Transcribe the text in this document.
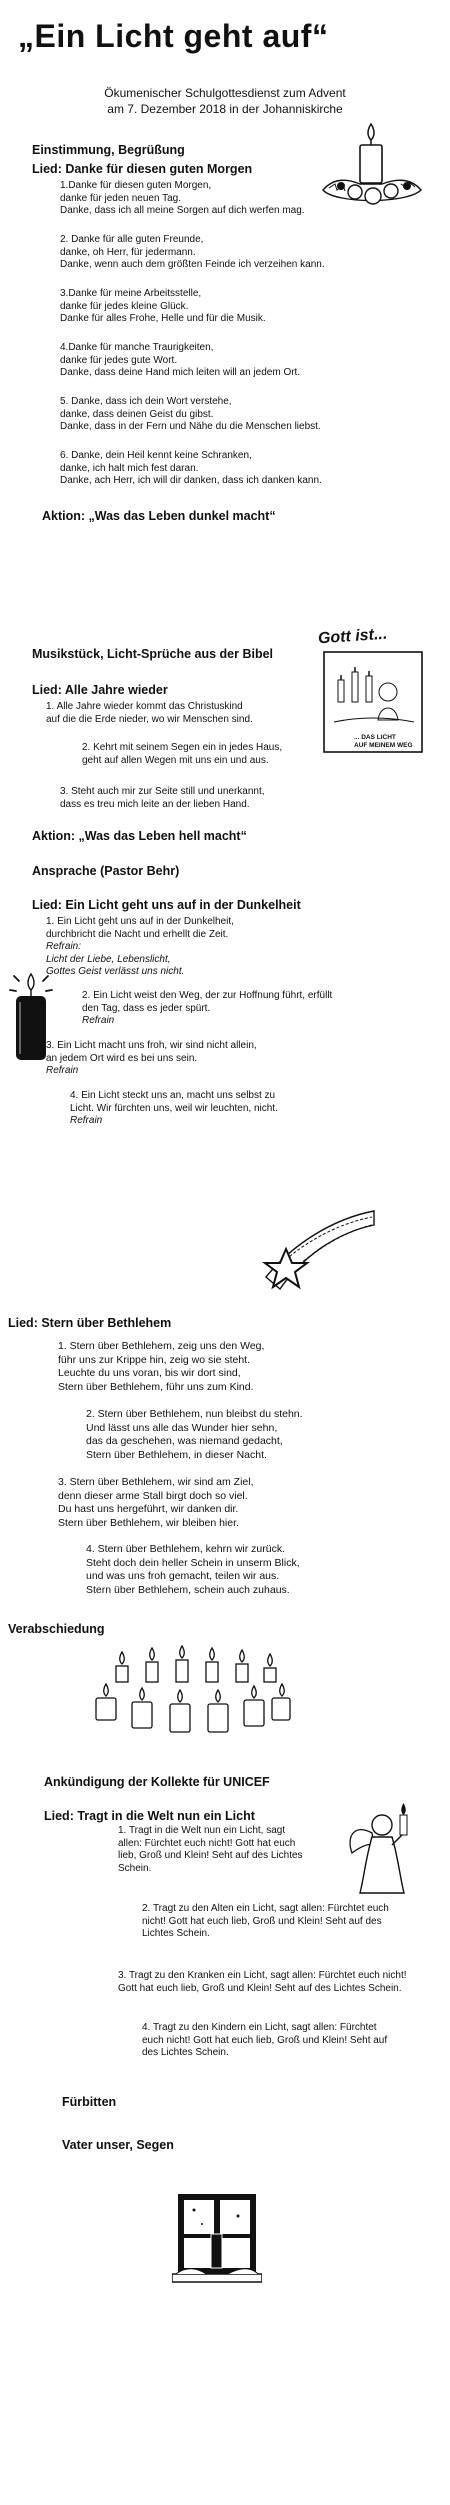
„Ein Licht geht auf“
Ökumenischer Schulgottesdienst zum Advent
am 7. Dezember 2018 in der Johanniskirche
Einstimmung, Begrüßung
Lied: Danke für diesen guten Morgen
1.Danke für diesen guten Morgen,
danke für jeden neuen Tag.
Danke, dass ich all meine Sorgen auf dich werfen mag.
2. Danke für alle guten Freunde,
danke, oh Herr, für jedermann.
Danke, wenn auch dem größten Feinde ich verzeihen kann.
3.Danke für meine Arbeitsstelle,
danke für jedes kleine Glück.
Danke für alles Frohe, Helle und für die Musik.
4.Danke für manche Traurigkeiten,
danke für jedes gute Wort.
Danke, dass deine Hand mich leiten will an jedem Ort.
5. Danke, dass ich dein Wort verstehe,
danke, dass deinen Geist du gibst.
Danke, dass in der Fern und Nähe du die Menschen liebst.
6. Danke, dein Heil kennt keine Schranken,
danke, ich halt mich fest daran.
Danke, ach Herr, ich will dir danken, dass ich danken kann.
Aktion: „Was das Leben dunkel macht“
Musikstück, Licht-Sprüche aus der Bibel
Gott ist...
... DAS LICHT
AUF MEINEM WEG
Lied: Alle Jahre wieder
1. Alle Jahre wieder kommt das Christuskind
auf die die Erde nieder, wo wir Menschen sind.
2. Kehrt mit seinem Segen ein in jedes Haus,
geht auf allen Wegen mit uns ein und aus.
3. Steht auch mir zur Seite still und unerkannt,
dass es treu mich leite an der lieben Hand.
Aktion: „Was das Leben hell macht“
Ansprache (Pastor Behr)
Lied: Ein Licht geht uns auf in der Dunkelheit
1. Ein Licht geht uns auf in der Dunkelheit,
durchbricht die Nacht und erhellt die Zeit.
Refrain:
Licht der Liebe, Lebenslicht,
Gottes Geist verlässt uns nicht.
2. Ein Licht weist den Weg, der zur Hoffnung führt, erfüllt
den Tag, dass es jeder spürt.
Refrain
3. Ein Licht macht uns froh, wir sind nicht allein,
an jedem Ort wird es bei uns sein.
Refrain
4. Ein Licht steckt uns an, macht uns selbst zu
Licht. Wir fürchten uns, weil wir leuchten, nicht.
Refrain
Lied: Stern über Bethlehem
1. Stern über Bethlehem, zeig uns den Weg,
führ uns zur Krippe hin, zeig wo sie steht.
Leuchte du uns voran, bis wir dort sind,
Stern über Bethlehem, führ uns zum Kind.
2. Stern über Bethlehem, nun bleibst du stehn.
Und lässt uns alle das Wunder hier sehn,
das da geschehen, was niemand gedacht,
Stern über Bethlehem, in dieser Nacht.
3. Stern über Bethlehem, wir sind am Ziel,
denn dieser arme Stall birgt doch so viel.
Du hast uns hergeführt, wir danken dir.
Stern über Bethlehem, wir bleiben hier.
4. Stern über Bethlehem, kehrn wir zurück.
Steht doch dein heller Schein in unserm Blick,
und was uns froh gemacht, teilen wir aus.
Stern über Bethlehem, schein auch zuhaus.
Verabschiedung
Ankündigung der Kollekte für UNICEF
Lied: Tragt in die Welt nun ein Licht
1. Tragt in die Welt nun ein Licht, sagt
allen: Fürchtet euch nicht! Gott hat euch
lieb, Groß und Klein! Seht auf des Lichtes
Schein.
2. Tragt zu den Alten ein Licht, sagt allen: Fürchtet euch
nicht! Gott hat euch lieb, Groß und Klein! Seht auf des
Lichtes Schein.
3. Tragt zu den Kranken ein Licht, sagt allen: Fürchtet euch nicht!
Gott hat euch lieb, Groß und Klein! Seht auf des Lichtes Schein.
4. Tragt zu den Kindern ein Licht, sagt allen: Fürchtet
euch nicht! Gott hat euch lieb, Groß und Klein! Seht auf
des Lichtes Schein.
Fürbitten
Vater unser, Segen
